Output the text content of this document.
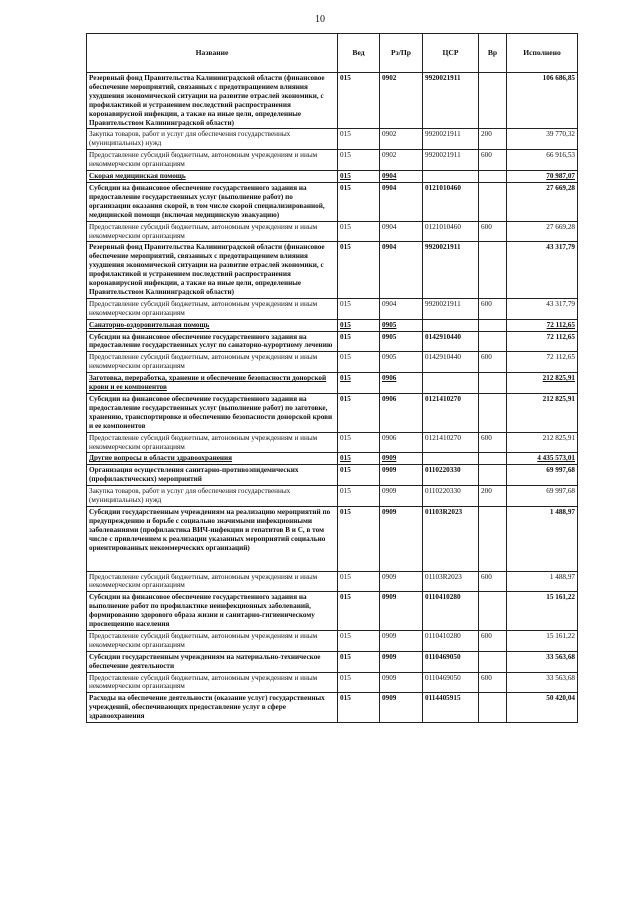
10
Название	Вед	Рз/Пр	ЦСР	Вр	Исполнено
Резервный фонд Правительства Калининградской области (финансовое обеспечение мероприятий, связанных с предотвращением влияния ухудшения экономической ситуации на развитие отраслей экономики, с профилактикой и устранением последствий распространения коронавирусной инфекции, а также на иные цели, определенные Правительством Калининградской области)	015	0902	9920021911		106 686,85
Закупка товаров, работ и услуг для обеспечения государственных (муниципальных) нужд	015	0902	9920021911	200	39 770,32
Предоставление субсидий бюджетным, автономным учреждениям и иным некоммерческим организациям	015	0902	9920021911	600	66 916,53
Скорая медицинская помощь	015	0904			70 987,07
Субсидии на финансовое обеспечение государственного задания на предоставление государственных услуг (выполнение работ) по организации оказания скорой, в том числе скорой специализированной, медицинской помощи (включая медицинскую эвакуацию)	015	0904	0121010460		27 669,28
Предоставление субсидий бюджетным, автономным учреждениям и иным некоммерческим организациям	015	0904	0121010460	600	27 669,28
Резервный фонд Правительства Калининградской области (финансовое обеспечение мероприятий, связанных с предотвращением влияния ухудшения экономической ситуации на развитие отраслей экономики, с профилактикой и устранением последствий распространения коронавирусной инфекции, а также на иные цели, определенные Правительством Калининградской области)	015	0904	9920021911		43 317,79
Предоставление субсидий бюджетным, автономным учреждениям и иным некоммерческим организациям	015	0904	9920021911	600	43 317,79
Санаторно-оздоровительная помощь	015	0905			72 112,65
Субсидии на финансовое обеспечение государственного задания на предоставление государственных услуг по санаторно-курортному лечению	015	0905	0142910440		72 112,65
Предоставление субсидий бюджетным, автономным учреждениям и иным некоммерческим организациям	015	0905	0142910440	600	72 112,65
Заготовка, переработка, хранение и обеспечение безопасности донорской крови и ее компонентов	015	0906			212 825,91
Субсидии на финансовое обеспечение государственного задания на предоставление государственных услуг (выполнение работ) по заготовке, хранению, транспортировке и обеспечению безопасности донорской крови и ее компонентов	015	0906	0121410270		212 825,91
Предоставление субсидий бюджетным, автономным учреждениям и иным некоммерческим организациям	015	0906	0121410270	600	212 825,91
Другие вопросы в области здравоохранения	015	0909			4 435 573,01
Организация осуществления санитарно-противоэпидемических (профилактических) мероприятий	015	0909	0110220330		69 997,68
Закупка товаров, работ и услуг для обеспечения государственных (муниципальных) нужд	015	0909	0110220330	200	69 997,68
Субсидии государственным учреждениям на реализацию мероприятий по предупреждению и борьбе с социально значимыми инфекционными заболеваниями (профилактика ВИЧ-инфекции и гепатитов В и С, в том числе с привлечением к реализации указанных мероприятий социально ориентированных некоммерческих организаций)	015	0909	01103R2023		1 488,97
Предоставление субсидий бюджетным, автономным учреждениям и иным некоммерческим организациям	015	0909	01103R2023	600	1 488,97
Субсидии на финансовое обеспечение государственного задания на выполнение работ по профилактике неинфекционных заболеваний, формированию здорового образа жизни и санитарно-гигиеническому просвещению населения	015	0909	0110410280		15 161,22
Предоставление субсидий бюджетным, автономным учреждениям и иным некоммерческим организациям	015	0909	0110410280	600	15 161,22
Субсидии государственным учреждениям на материально-техническое обеспечение деятельности	015	0909	0110469050		33 563,68
Предоставление субсидий бюджетным, автономным учреждениям и иным некоммерческим организациям	015	0909	0110469050	600	33 563,68
Расходы на обеспечение деятельности (оказание услуг) государственных учреждений, обеспечивающих предоставление услуг в сфере здравоохранения	015	0909	0114405915		50 420,04
